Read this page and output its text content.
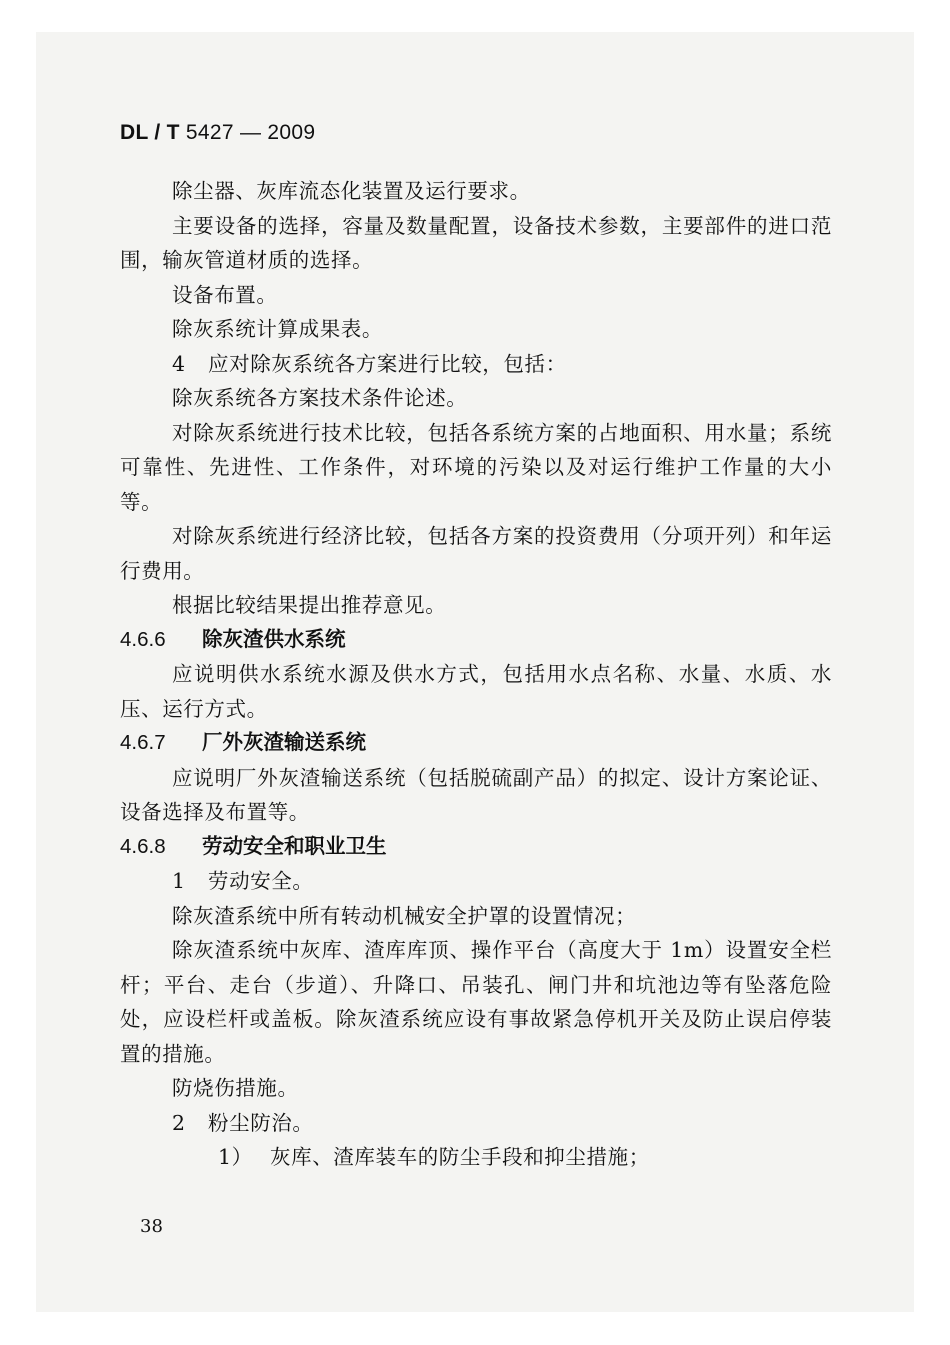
DL / T 5427 — 2009

除尘器、灰库流态化装置及运行要求。

主要设备的选择，容量及数量配置，设备技术参数，主要部件的进口范围，输灰管道材质的选择。

设备布置。

除灰系统计算成果表。

4 应对除灰系统各方案进行比较，包括：

除灰系统各方案技术条件论述。

对除灰系统进行技术比较，包括各系统方案的占地面积、用水量；系统可靠性、先进性、工作条件，对环境的污染以及对运行维护工作量的大小等。

对除灰系统进行经济比较，包括各方案的投资费用（分项开列）和年运行费用。

根据比较结果提出推荐意见。

4.6.6 除灰渣供水系统

应说明供水系统水源及供水方式，包括用水点名称、水量、水质、水压、运行方式。

4.6.7 厂外灰渣输送系统

应说明厂外灰渣输送系统（包括脱硫副产品）的拟定、设计方案论证、设备选择及布置等。

4.6.8 劳动安全和职业卫生

1 劳动安全。

除灰渣系统中所有转动机械安全护罩的设置情况；

除灰渣系统中灰库、渣库库顶、操作平台（高度大于 1m）设置安全栏杆；平台、走台（步道）、升降口、吊装孔、闸门井和坑池边等有坠落危险处，应设栏杆或盖板。除灰渣系统应设有事故紧急停机开关及防止误启停装置的措施。

防烧伤措施。

2 粉尘防治。

1） 灰库、渣库装车的防尘手段和抑尘措施；

38
